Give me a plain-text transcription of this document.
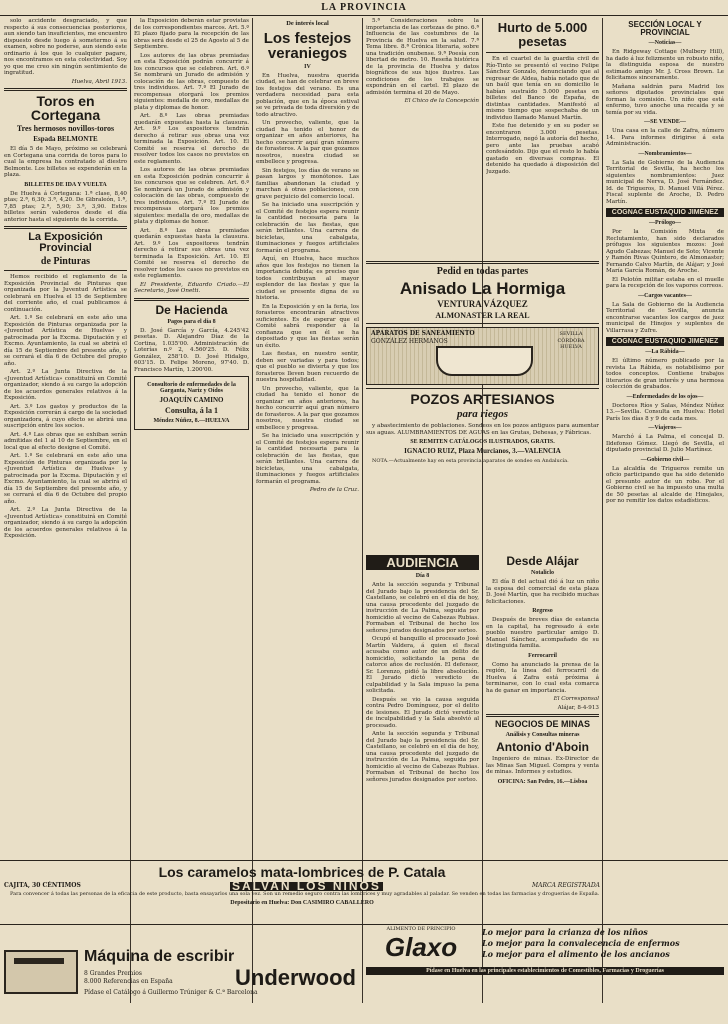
LA PROVINCIA

solo accidente desgraciado, y que respecto á sus consecuencias posteriores, aun siendo tan insuficientes, me encuentro dispuesto desde luego á sometermo á su examen, sobre no poderse, aun siendo este ordinario á los que lo cualquier pagare, nos encontramos en esta colectividad. Soy yo que me creo sin ningún sentimiento de ingratitud.

Huelva, Abril 1913.

Toros en Cortegana
Tres hermosos novillos-toros
Espada BELMONTE

El día 5 de Mayo, próximo se celebrará en Cortegana una corrida de toros para lo cual la empresa ha contratado al diestro Belmonte. Los billetes se expenderán en la plaza.

BILLETES DE IDA Y VUELTA

De Huelva á Cortegana: 1.ª clase, 8,40 ptas; 2.ª, 6,30; 3.ª, 4,20. De Gibraleón, 1.ª, 7,85 ptas; 2.ª, 5,90; 3.ª, 3,90. Estos billetes serán valederos desde el día anterior hasta el siguiente de la corrida.

La Exposición Provincial
de Pinturas

Hemos recibido el reglamento de la Exposición Provincial de Pinturas que organizada por la Juventud Artística se celebrará en Huelva el 15 de Septiembre del corriente año, el cual publicamos á continuación.

Art. 1.º Se celebrará en este año una Exposición de Pinturas organizada por la «Juventud Artística de Huelva» y patrocinada por la Excma. Diputación y el Excmo. Ayuntamiento, la cual se abrirá el día 15 de Septiembre del presente año, y se cerrará el día 6 de Octubre del propio año.

Art. 2.º La Junta Directiva de la «Juventud Artística» constituirá en Comité organizador, siendo á su cargo la adopción de los acuerdos generales relativos á la Exposición.

Art. 3.º Los gastos y productos de la Exposición correrán á cargo de la sociedad organizadora, á cuyo efecto se abrirá una suscripción entre los socios.

Art. 4.º Las obras que se exhiban serán admitidas del 1 al 10 de Septiembre, en el local que al efecto designe el Comité.

Art. 1.º Se celebrará en este año una Exposición de Pinturas organizada por la «Juventud Artística de Huelva» y patrocinada por la Excma. Diputación y el Excmo. Ayuntamiento, la cual se abrirá el día 15 de Septiembre del presente año, y se cerrará el día 6 de Octubre del propio año.

Art. 2.º La Junta Directiva de la «Juventud Artística» constituirá en Comité organizador, siendo á su cargo la adopción de los acuerdos generales relativos á la Exposición.

la Exposición deberán estar provistas de los correspondientes marcos. Art. 5.º El plazo fijado para la recepción de las obras será desde el 25 de Agosto al 5 de Septiembre.

Los autores de las obras premiadas en esta Exposición podrán concurrir á los concursos que se celebren. Art. 6.º Se nombrará un Jurado de admisión y colocación de las obras, compuesto de tres individuos. Art. 7.º El Jurado de recompensas otorgará los premios siguientes: medalla de oro, medallas de plata y diplomas de honor.

Art. 8.º Las obras premiadas quedarán expuestas hasta la clausura. Art. 9.º Los expositores tendrán derecho á retirar sus obras una vez terminada la Exposición. Art. 10. El Comité se reserva el derecho de resolver todos los casos no previstos en este reglamento.

Los autores de las obras premiadas en esta Exposición podrán concurrir á los concursos que se celebren. Art. 6.º Se nombrará un Jurado de admisión y colocación de las obras, compuesto de tres individuos. Art. 7.º El Jurado de recompensas otorgará los premios siguientes: medalla de oro, medallas de plata y diplomas de honor.

Art. 8.º Las obras premiadas quedarán expuestas hasta la clausura. Art. 9.º Los expositores tendrán derecho á retirar sus obras una vez terminada la Exposición. Art. 10. El Comité se reserva el derecho de resolver todos los casos no previstos en este reglamento.

El Presidente, Eduardo Criado.—El Secretario, José Onetti.

De Hacienda
Pagos para el día 8

D. José García y García, 4.245'42 pesetas. D. Alejandro Díaz de la Cortina, 1.035'00. Administración de Loterías n.º 2, 4.560'25. D. Félix González, 258'10. D. José Hidalgo, 603'15. D. Felipe Moreno, 97'40. D. Francisco Martín, 1.200'00.

Consultorio de enfermedades de la Garganta, Nariz y Oídos
JOAQUÍN CAMINO
Consulta, á la 1
Méndez Núñez, 8.—HUELVA
De interés local
Los festejos veraniegos
IV

En Huelva, nuestra querida ciudad, se han de celebrar en breve los festejos del verano. Es una verdadera necesidad para esta población, que en la época estival se ve privada de toda diversión y de todo atractivo.

Un provecho, valiente, que la ciudad ha tenido el honor de organizar en años anteriores, ha hecho concurrir aquí gran número de forasteros. A la par que gozamos nosotros, nuestra ciudad se embellece y progresa.

Sin festejos, los días de verano se pasan largos y monótonos. Las familias abandonan la ciudad y marchan á otras poblaciones, con grave perjuicio del comercio local.

Se ha iniciado una suscripción y el Comité de festejos espera reunir la cantidad necesaria para la celebración de las fiestas, que serán brillantes. Una carrera de bicicletas, una cabalgata, iluminaciones y fuegos artificiales formarán el programa.

Aquí, en Huelva, hace muchos años que los festejos no tienen la importancia debida; es preciso que todos contribuyan al mayor esplendor de las fiestas y que la ciudad se presente digna de su historia.

En la Exposición y en la feria, los forasteros encontrarán atractivos suficientes. Es de esperar que el Comité sabrá responder á la confianza que en él se ha depositado y que las fiestas serán un éxito.

Las fiestas, en nuestro sentir, deben ser variadas y para todos; que el pueblo se divierta y que los forasteros lleven buen recuerdo de nuestra hospitalidad.

Un provecho, valiente, que la ciudad ha tenido el honor de organizar en años anteriores, ha hecho concurrir aquí gran número de forasteros. A la par que gozamos nosotros, nuestra ciudad se embellece y progresa.

Se ha iniciado una suscripción y el Comité de festejos espera reunir la cantidad necesaria para la celebración de las fiestas, que serán brillantes. Una carrera de bicicletas, una cabalgata, iluminaciones y fuegos artificiales formarán el programa.

Pedro de la Cruz.

5.ª Consideraciones sobre la importancia de las cortezas de pino. 6.ª Influencia de las costumbres de la Provincia de Huelva en la salud. 7.ª Tema libre. 8.ª Crónica literaria, sobre una tradición onubense. 9.ª Poesía con libertad de metro. 10. Reseña histórica de la provincia de Huelva y datos biográficos de sus hijos ilustres. Las condiciones de los trabajos se expondrán en el cartel. El plazo de admisión termina el 20 de Mayo.

El Chico de la Concepción

Hurto de 5.000 pesetas

En el cuartel de la guardia civil de Río-Tinto se presentó el vecino Felipe Sánchez Gonzalo, denunciando que al regresar de Aldea, había notado que de un baúl que tenía en su domicilio le habían sustraído 5.000 pesetas en billetes del Banco de España, de distintas cantidades. Manifestó al mismo tiempo que sospechaba de un individuo llamado Manuel Martín.

Este fue detenido y en su poder se encontraron 3.000 pesetas. Interrogado, negó la autoría del hecho, pero ante las pruebas acabó confesándolo. Dijo que el resto lo había gastado en diversas compras. El detenido ha quedado á disposición del Juzgado.

Pedid en todas partes
Anisado La Hormiga
VENTURA VÁZQUEZ
ALMONASTER LA REAL
APARATOS DE SANEAMIENTO
GONZÁLEZ HERMANOS
SEVILLA CÓRDOBA HUELVA
POZOS ARTESIANOS
para riegos

y abastecimiento de poblaciones. Sondeos en los pozos antiguos para aumentar sus aguas. ALUMBRAMIENTOS DE AGUAS en las Grutas, Dehesas, y Fábricas.

SE REMITEN CATÁLOGOS ILUSTRADOS, GRATIS.
IGNACIO RUIZ, Plaza Murcianos, 3.—VALENCIA

NOTA.—Actualmente hay en esta provincia aparatos de sondeo en Andalucía.

AUDIENCIA
Día 8

Ante la sección segunda y Tribunal del Jurado bajo la presidencia del Sr. Castellano, se celebró en el día de hoy, una causa procedente del juzgado de instrucción de La Palma, seguida por homicidio al vecino de Cabezas Rubias. Formaban el Tribunal de hecho los señores jurados designados por sorteo.

Ocupó el banquillo el procesado José Martín Valdera, á quien el fiscal acusaba como autor de un delito de homicidio, solicitando la pena de catorce años de reclusión. El defensor, Sr. Lorenzo, pidió la libre absolución. El Jurado dictó veredicto de culpabilidad y la Sala impuso la pena solicitada.

Después se vio la causa seguida contra Pedro Domínguez, por el delito de lesiones. El Jurado dictó veredicto de inculpabilidad y la Sala absolvió al procesado.

Ante la sección segunda y Tribunal del Jurado bajo la presidencia del Sr. Castellano, se celebró en el día de hoy, una causa procedente del juzgado de instrucción de La Palma, seguida por homicidio al vecino de Cabezas Rubias. Formaban el Tribunal de hecho los señores jurados designados por sorteo.

Desde Alájar
Notaliclo

El día 8 del actual dió á luz un niño la esposa del comercial de esta plaza D. José Martín, que ha recibido muchas felicitaciones.

Regreso

Después de breves días de estancia en la capital, ha regresado á este pueblo nuestro particular amigo D. Manuel Sánchez, acompañado de su distinguida familia.

Ferrocarril

Como ha anunciado la prensa de la región, la línea del ferrocarril de Huelva á Zafra está próxima á terminarse, con lo cual esta comarca ha de ganar en importancia.

El Corresponsal

Alájar, 8-4-913

NEGOCIOS DE MINAS
Análisis y Consultas mineras
Antonio d'Aboin

Ingeniero de minas. Ex-Director de las Minas San Miguel. Compra y venta de minas. Informes y estudios.

OFICINA: San Pedro, 16.—Lisboa
SECCIÓN LOCAL Y PROVINCIAL
—Noticias—

En Ridgeway Cottage (Mulbery Hill), ha dado á luz felizmente un robusto niño, la distinguida esposa de nuestro estimado amigo Mr. J. Cross Brown. Le felicitamos sinceramente.

Mañana saldrán para Madrid los señores diputados provinciales que forman la comisión. Un niño que está enfermo, tuvo anoche una recaída y se temía por su vida.

—SE VENDE—

Una casa en la calle de Zafra, número 14. Para informes dirigirse á esta Administración.

—Nombramientos—

La Sala de Gobierno de la Audiencia Territorial de Sevilla, ha hecho los siguientes nombramientos: Juez municipal de Nerva, D. José Fernández. Id. de Trigueros, D. Manuel Vilá Pérez. Fiscal suplente de Aroche, D. Pedro Martín.

COGNAC EUSTAQUIO JIMÉNEZ
—Prólogo—

Por la Comisión Mixta de Reclutamiento, han sido declarados prófugos los siguientes mozos: José Agudo Cabezas; Manuel de Soto; Vicente y Ramón Rivas Quintero, de Almonaster; Fernando Calvo Martín, de Alájar; y José María García Román, de Aroche.

El Pelotón militar estaba en el muelle para la recepción de los vapores correos.

—Cargos vacantes—

La Sala de Gobierno de la Audiencia Territorial de Sevilla, anuncia encontrarse vacantes los cargos de juez municipal de Hinojos y suplentes de Villarrasa y Zufre.

COGNAC EUSTAQUIO JIMÉNEZ
—La Rábida—

El último número publicado por la revista La Rábida, es notabilísimo por todos conceptos. Contiene trabajos literarios de gran interés y una hermosa colección de grabados.

—Enfermedades de los ojos—

Doctores Ríos y Salas, Méndez Núñez 13.—Sevilla. Consulta en Huelva: Hotel París los días 8 y 9 de cada mes.

—Viajeros—

Marchó á La Palma, el concejal D. Ildefonso Gómez. Llegó de Sevilla, el diputado provincial D. Julio Martínez.

—Gobierno civil—

La alcaldía de Trigueros remite un oficio participando que ha sido detenido el presunto autor de un robo. Por el Gobierno civil se ha impuesto una multa de 50 pesetas al alcalde de Hinojales, por no remitir los datos estadísticos.

Los caramelos mata-lombrices de P. Catala
CAJITA, 30 CÉNTIMOS	SALVAN LOS NIÑOS	MARCA REGISTRADA

Para convencer á todas las personas de la eficacia de este producto, basta ensayarlos una sola vez. Son un remedio seguro contra las lombrices y muy agradables al paladar. Se venden en todas las farmacias y droguerías de España.

Depositario en Huelva: Don CASIMIRO CABALLERO
Máquina de escribir
8 Grandes Premios
8.000 Referencias en España	Underwood
Pídase el Catálogo á Guillermo Trúniger & C.ª Barcelona
ALIMENTO DE PRINCIPIO
Glaxo	Lo mejor para la crianza de los niños
Lo mejor para la convalecencia de enfermos
Lo mejor para el alimento de los ancianos
Pídase en Huelva en las principales establecimientos de Comestibles, Farmacias y Droguerías
